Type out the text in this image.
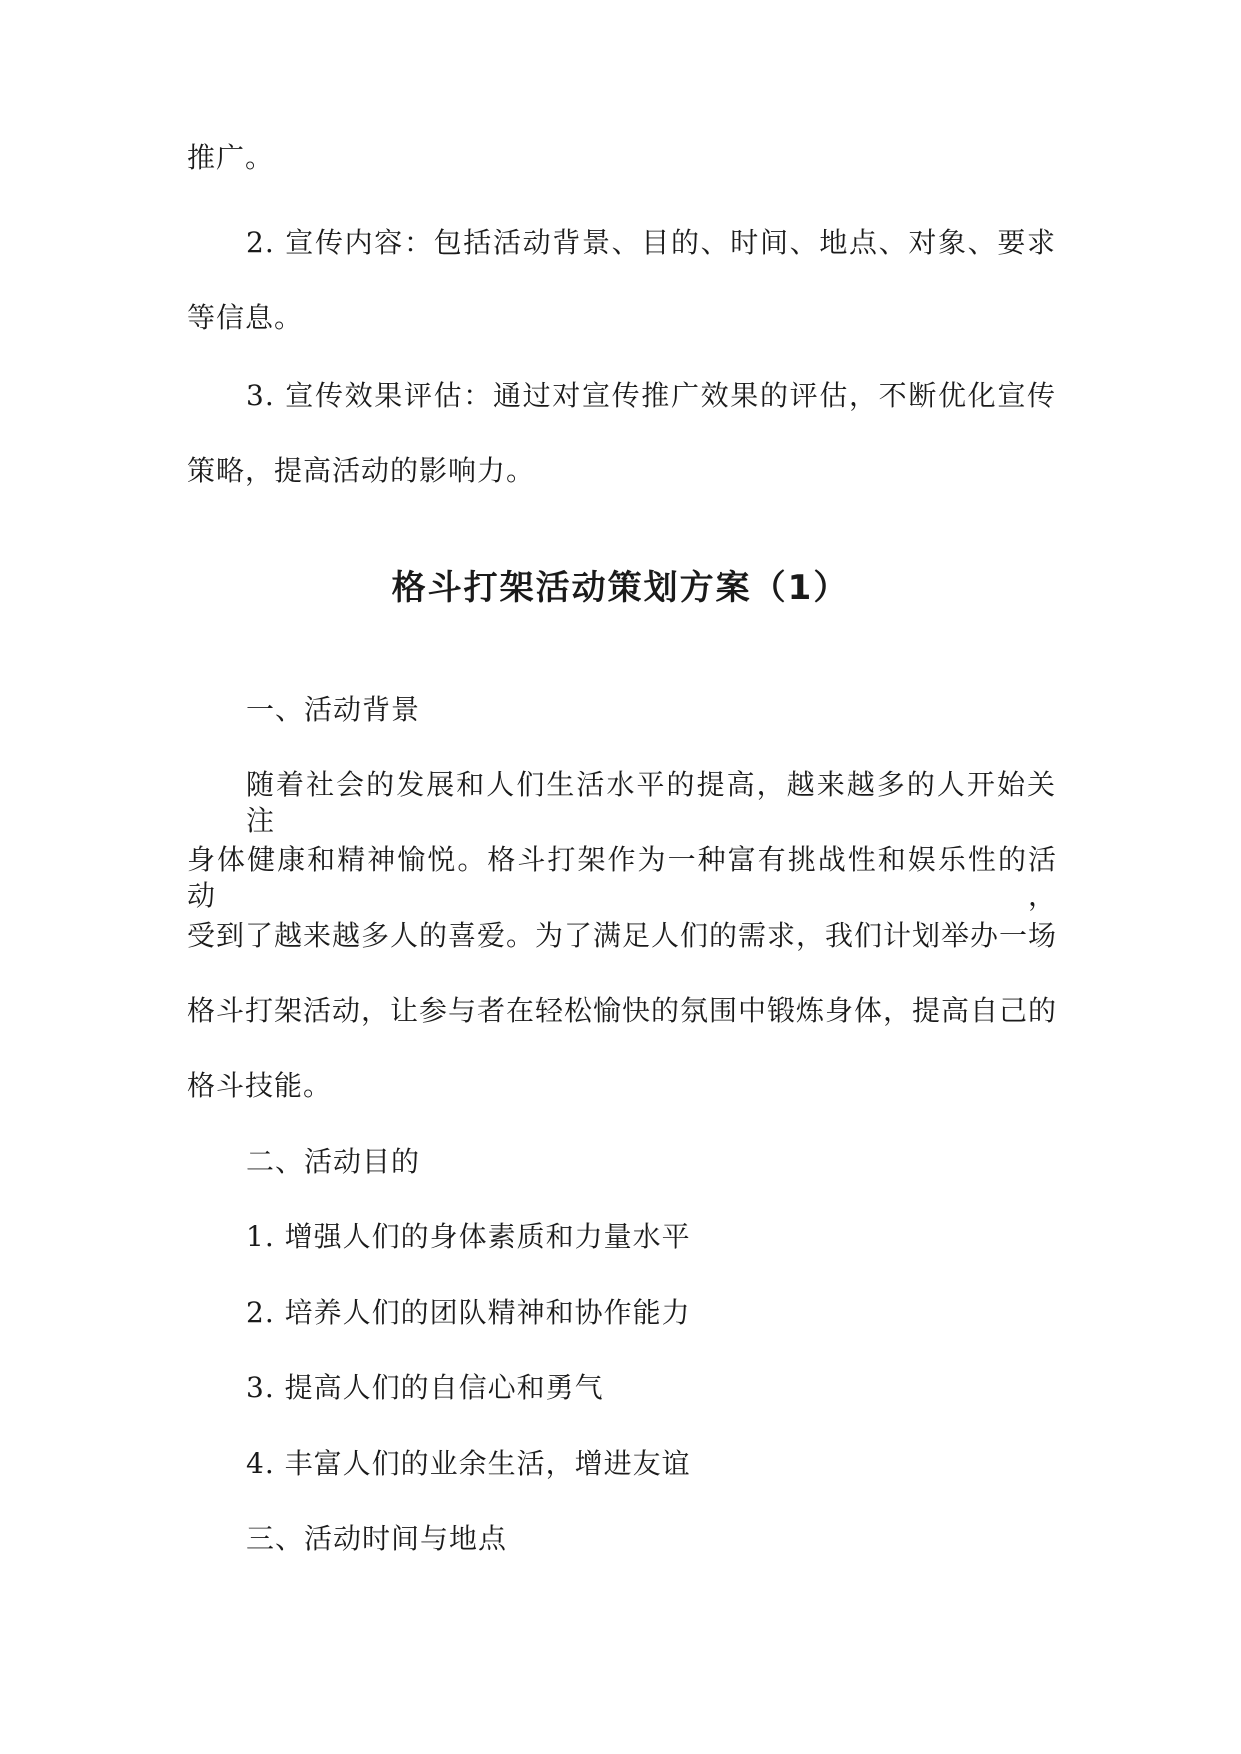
推广。
2. 宣传内容：包括活动背景、目的、时间、地点、对象、要求
等信息。
3. 宣传效果评估：通过对宣传推广效果的评估，不断优化宣传
策略，提高活动的影响力。
格斗打架活动策划方案（1）
一、活动背景
随着社会的发展和人们生活水平的提高，越来越多的人开始关注
身体健康和精神愉悦。格斗打架作为一种富有挑战性和娱乐性的活动，
受到了越来越多人的喜爱。为了满足人们的需求，我们计划举办一场
格斗打架活动，让参与者在轻松愉快的氛围中锻炼身体，提高自己的
格斗技能。
二、活动目的
1. 增强人们的身体素质和力量水平
2. 培养人们的团队精神和协作能力
3. 提高人们的自信心和勇气
4. 丰富人们的业余生活，增进友谊
三、活动时间与地点
